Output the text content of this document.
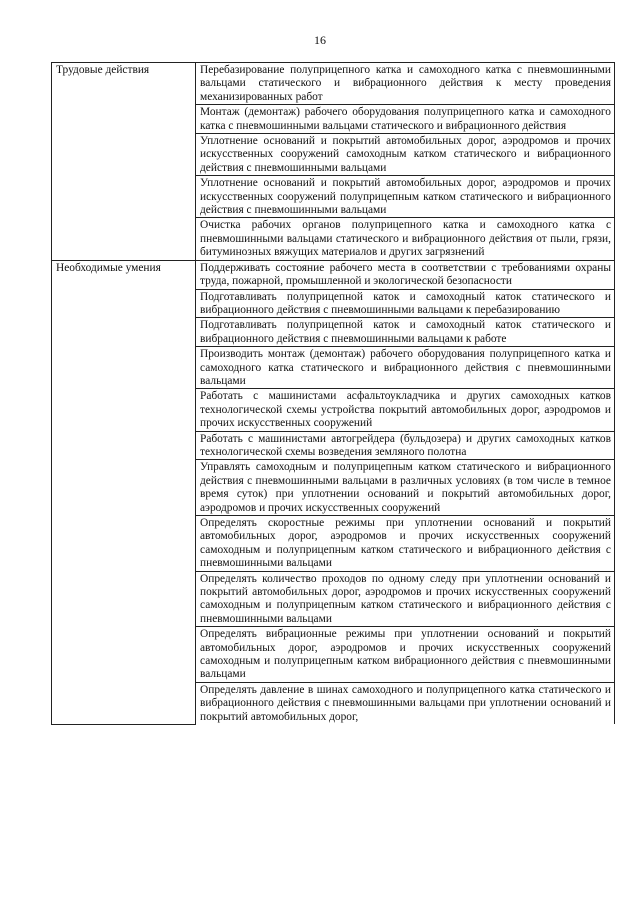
16
Трудовые действия	Перебазирование полуприцепного катка и самоходного катка с пневмошинными вальцами статического и вибрационного действия к месту проведения механизированных работ
	Монтаж (демонтаж) рабочего оборудования полуприцепного катка и самоходного катка с пневмошинными вальцами статического и вибрационного действия
	Уплотнение оснований и покрытий автомобильных дорог, аэродромов и прочих искусственных сооружений самоходным катком статического и вибрационного действия с пневмошинными вальцами
	Уплотнение оснований и покрытий автомобильных дорог, аэродромов и прочих искусственных сооружений полуприцепным катком статического и вибрационного действия с пневмошинными вальцами
	Очистка рабочих органов полуприцепного катка и самоходного катка с пневмошинными вальцами статического и вибрационного действия от пыли, грязи, битуминозных вяжущих материалов и других загрязнений
Необходимые умения	Поддерживать состояние рабочего места в соответствии с требованиями охраны труда, пожарной, промышленной и экологической безопасности
	Подготавливать полуприцепной каток и самоходный каток статического и вибрационного действия с пневмошинными вальцами к перебазированию
	Подготавливать полуприцепной каток и самоходный каток статического и вибрационного действия с пневмошинными вальцами к работе
	Производить монтаж (демонтаж) рабочего оборудования полуприцепного катка и самоходного катка статического и вибрационного действия с пневмошинными вальцами
	Работать с машинистами асфальтоукладчика и других самоходных катков технологической схемы устройства покрытий автомобильных дорог, аэродромов и прочих искусственных сооружений
	Работать с машинистами автогрейдера (бульдозера) и других самоходных катков технологической схемы возведения земляного полотна
	Управлять самоходным и полуприцепным катком статического и вибрационного действия с пневмошинными вальцами в различных условиях (в том числе в темное время суток) при уплотнении оснований и покрытий автомобильных дорог, аэродромов и прочих искусственных сооружений
	Определять скоростные режимы при уплотнении оснований и покрытий автомобильных дорог, аэродромов и прочих искусственных сооружений самоходным и полуприцепным катком статического и вибрационного действия с пневмошинными вальцами
	Определять количество проходов по одному следу при уплотнении оснований и покрытий автомобильных дорог, аэродромов и прочих искусственных сооружений самоходным и полуприцепным катком статического и вибрационного действия с пневмошинными вальцами
	Определять вибрационные режимы при уплотнении оснований и покрытий автомобильных дорог, аэродромов и прочих искусственных сооружений самоходным и полуприцепным катком вибрационного действия с пневмошинными вальцами
	Определять давление в шинах самоходного и полуприцепного катка статического и вибрационного действия с пневмошинными вальцами при уплотнении оснований и покрытий автомобильных дорог,
